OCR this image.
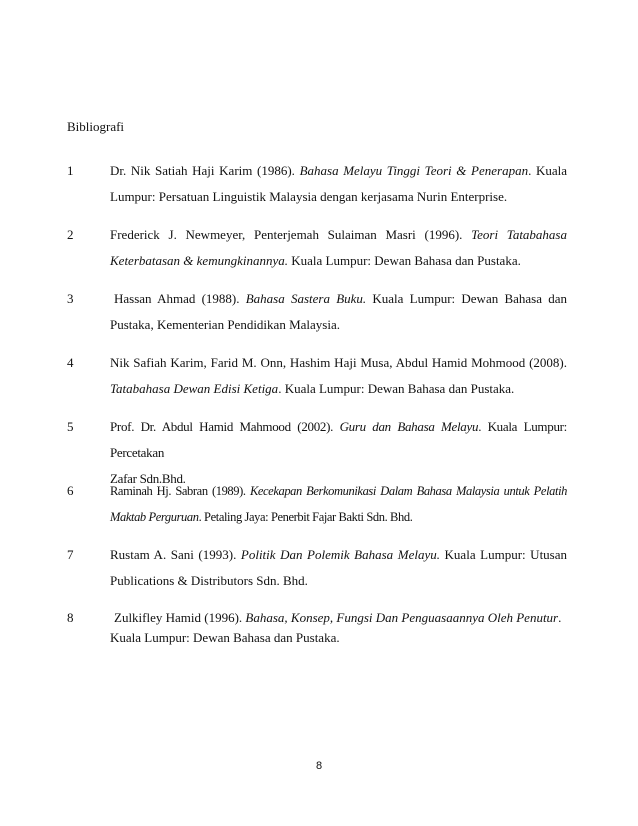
Bibliografi
1	Dr. Nik Satiah Haji Karim (1986). Bahasa Melayu Tinggi Teori & Penerapan. Kuala
Lumpur: Persatuan Linguistik Malaysia dengan kerjasama Nurin Enterprise.
2	Frederick J. Newmeyer, Penterjemah Sulaiman Masri (1996). Teori Tatabahasa
Keterbatasan & kemungkinannya. Kuala Lumpur: Dewan Bahasa dan Pustaka.
3	Hassan Ahmad (1988). Bahasa Sastera Buku. Kuala Lumpur: Dewan Bahasa dan
Pustaka, Kementerian Pendidikan Malaysia.
4	Nik Safiah Karim, Farid M. Onn, Hashim Haji Musa, Abdul Hamid Mohmood (2008).
Tatabahasa Dewan Edisi Ketiga. Kuala Lumpur: Dewan Bahasa dan Pustaka.
5	Prof. Dr. Abdul Hamid Mahmood (2002). Guru dan Bahasa Melayu. Kuala Lumpur: Percetakan
Zafar Sdn.Bhd.
6	Raminah Hj. Sabran (1989). Kecekapan Berkomunikasi Dalam Bahasa Malaysia untuk Pelatih
Maktab Perguruan. Petaling Jaya: Penerbit Fajar Bakti Sdn. Bhd.
7	Rustam A. Sani (1993). Politik Dan Polemik Bahasa Melayu. Kuala Lumpur: Utusan
Publications & Distributors Sdn. Bhd.
8	Zulkifley Hamid (1996). Bahasa, Konsep, Fungsi Dan Penguasaannya Oleh Penutur.
Kuala Lumpur: Dewan Bahasa dan Pustaka.
8
